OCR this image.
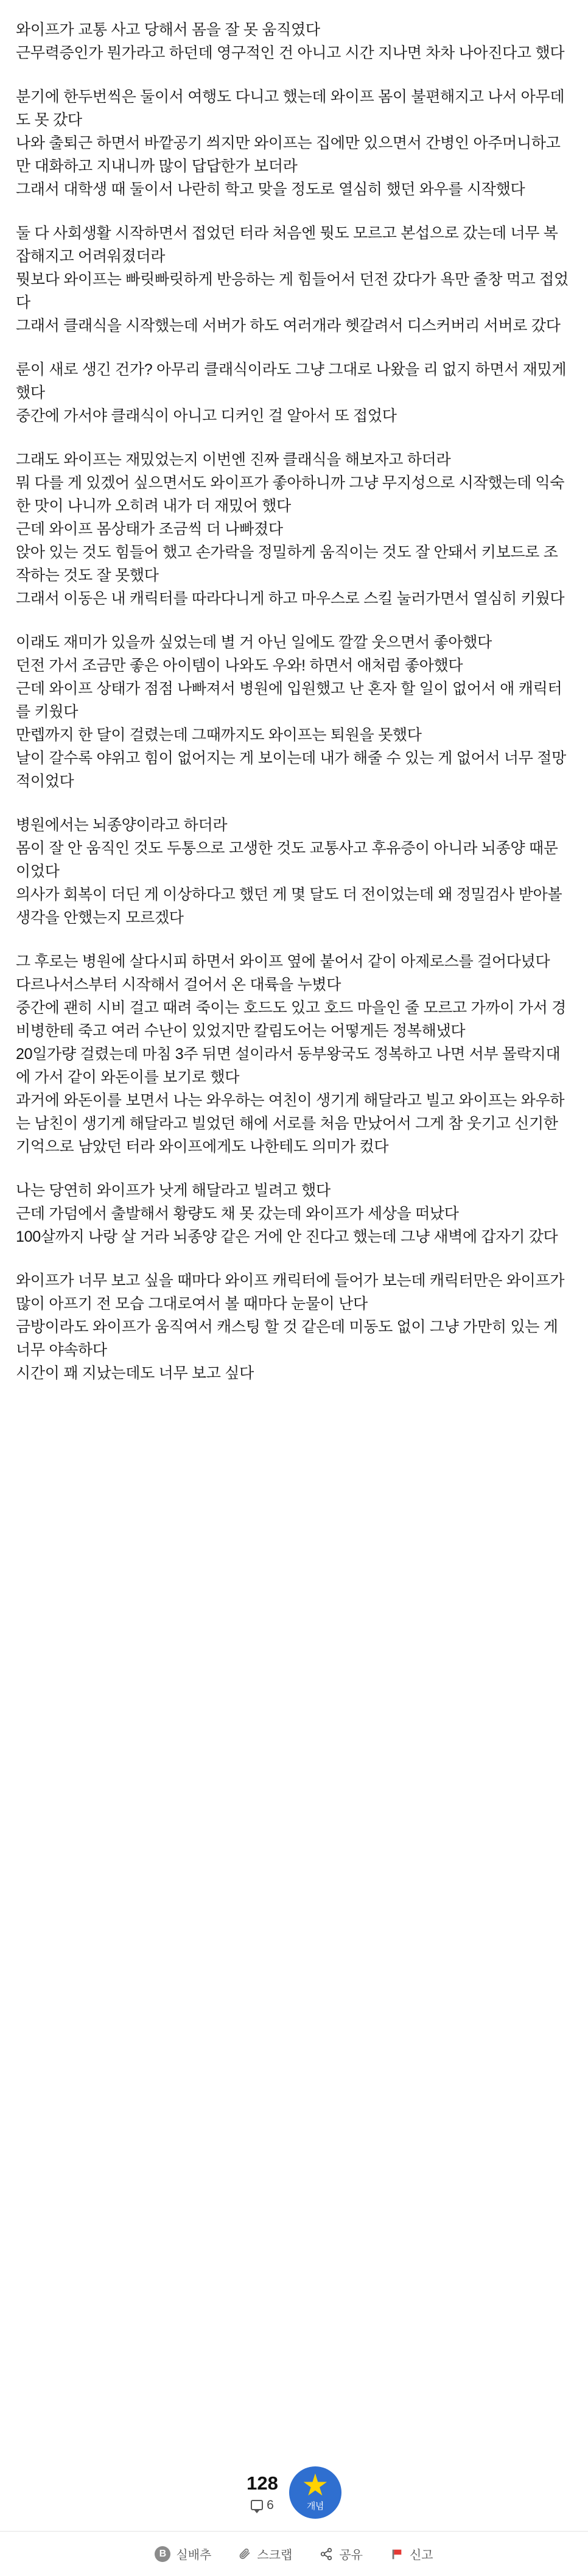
와이프가 교통 사고 당해서 몸을 잘 못 움직였다

근무력증인가 뭔가라고 하던데 영구적인 건 아니고 시간 지나면 차차 나아진다고 했다

분기에 한두번씩은 둘이서 여행도 다니고 했는데 와이프 몸이 불편해지고 나서 아무데도 못 갔다

나와 출퇴근 하면서 바깥공기 씌지만 와이프는 집에만 있으면서 간병인 아주머니하고만 대화하고 지내니까 많이 답답한가 보더라

그래서 대학생 때 둘이서 나란히 학고 맞을 정도로 열심히 했던 와우를 시작했다

둘 다 사회생활 시작하면서 접었던 터라 처음엔 뭣도 모르고 본섭으로 갔는데 너무 복잡해지고 어려워졌더라

뭣보다 와이프는 빠릿빠릿하게 반응하는 게 힘들어서 던전 갔다가 욕만 줄창 먹고 접었다

그래서 클래식을 시작했는데 서버가 하도 여러개라 헷갈려서 디스커버리 서버로 갔다

룬이 새로 생긴 건가? 아무리 클래식이라도 그냥 그대로 나왔을 리 없지 하면서 재밌게 했다

중간에 가서야 클래식이 아니고 디커인 걸 알아서 또 접었다

그래도 와이프는 재밌었는지 이번엔 진짜 클래식을 해보자고 하더라

뭐 다를 게 있겠어 싶으면서도 와이프가 좋아하니까 그냥 무지성으로 시작했는데 익숙한 맛이 나니까 오히려 내가 더 재밌어 했다

근데 와이프 몸상태가 조금씩 더 나빠졌다

앉아 있는 것도 힘들어 했고 손가락을 정밀하게 움직이는 것도 잘 안돼서 키보드로 조작하는 것도 잘 못했다

그래서 이동은 내 캐릭터를 따라다니게 하고 마우스로 스킬 눌러가면서 열심히 키웠다

이래도 재미가 있을까 싶었는데 별 거 아닌 일에도 깔깔 웃으면서 좋아했다

던전 가서 조금만 좋은 아이템이 나와도 우와! 하면서 애처럼 좋아했다

근데 와이프 상태가 점점 나빠져서 병원에 입원했고 난 혼자 할 일이 없어서 애 캐릭터를 키웠다

만렙까지 한 달이 걸렸는데 그때까지도 와이프는 퇴원을 못했다

날이 갈수록 야위고 힘이 없어지는 게 보이는데 내가 해줄 수 있는 게 없어서 너무 절망적이었다

병원에서는 뇌종양이라고 하더라

몸이 잘 안 움직인 것도 두통으로 고생한 것도 교통사고 후유증이 아니라 뇌종양 때문이었다

의사가 회복이 더딘 게 이상하다고 했던 게 몇 달도 더 전이었는데 왜 정밀검사 받아볼 생각을 안했는지 모르겠다

그 후로는 병원에 살다시피 하면서 와이프 옆에 붙어서 같이 아제로스를 걸어다녔다

다르나서스부터 시작해서 걸어서 온 대륙을 누볐다

중간에 괜히 시비 걸고 때려 죽이는 호드도 있고 호드 마을인 줄 모르고 가까이 가서 경비병한테 죽고 여러 수난이 있었지만 칼림도어는 어떻게든 정복해냈다

20일가량 걸렸는데 마침 3주 뒤면 설이라서 동부왕국도 정복하고 나면 서부 몰락지대에 가서 같이 와돈이를 보기로 했다

과거에 와돈이를 보면서 나는 와우하는 여친이 생기게 해달라고 빌고 와이프는 와우하는 남친이 생기게 해달라고 빌었던 해에 서로를 처음 만났어서 그게 참 웃기고 신기한 기억으로 남았던 터라 와이프에게도 나한테도 의미가 컸다

나는 당연히 와이프가 낫게 해달라고 빌려고 했다

근데 가덤에서 출발해서 황량도 채 못 갔는데 와이프가 세상을 떠났다

100살까지 나랑 살 거라 뇌종양 같은 거에 안 진다고 했는데 그냥 새벽에 갑자기 갔다

와이프가 너무 보고 싶을 때마다 와이프 캐릭터에 들어가 보는데 캐릭터만은 와이프가 많이 아프기 전 모습 그대로여서 볼 때마다 눈물이 난다

금방이라도 와이프가 움직여서 캐스팅 할 것 같은데 미동도 없이 그냥 가만히 있는 게 너무 야속하다

시간이 꽤 지났는데도 너무 보고 싶다

128
6	개념
B 실배추	스크랩	공유	신고
